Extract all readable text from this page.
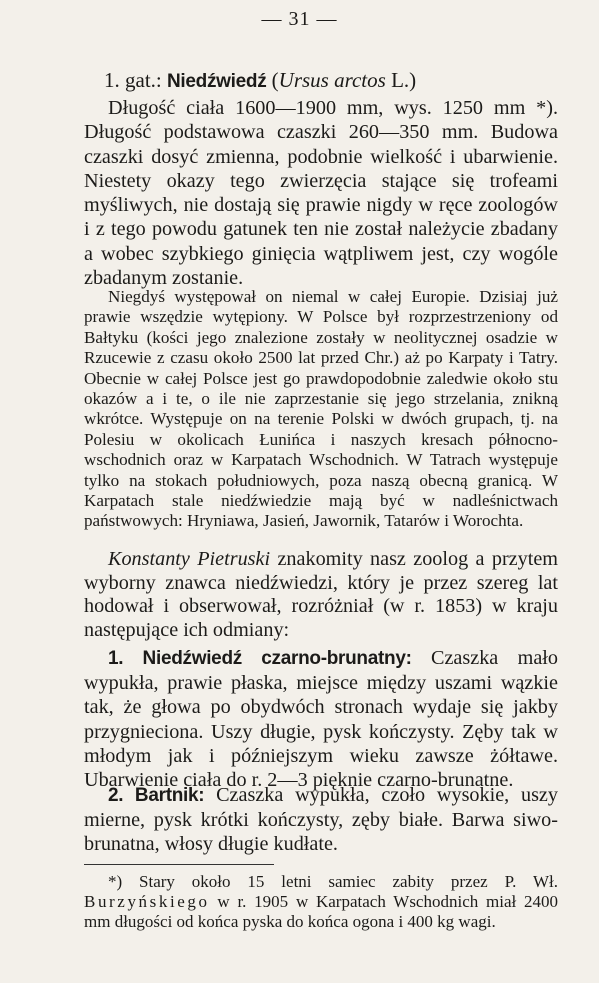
— 31 —
1. gat.: Niedźwiedź (Ursus arctos L.)
Długość ciała 1600—1900 mm, wys. 1250 mm *). Długość podstawowa czaszki 260—350 mm. Budowa czaszki dosyć zmienna, podobnie wielkość i ubarwienie. Niestety okazy tego zwierzęcia stające się trofeami myśliwych, nie dostają się prawie nigdy w ręce zoologów i z tego powodu gatunek ten nie został należycie zbadany a wobec szybkiego ginięcia wątpliwem jest, czy wogóle zbadanym zostanie.
Niegdyś występował on niemal w całej Europie. Dzisiaj już prawie wszędzie wytępiony. W Polsce był rozprzestrzeniony od Bałtyku (kości jego znalezione zostały w neolitycznej osadzie w Rzucewie z czasu około 2500 lat przed Chr.) aż po Karpaty i Tatry. Obecnie w całej Polsce jest go prawdopodobnie zaledwie około stu okazów a i te, o ile nie zaprzestanie się jego strzelania, znikną wkrótce. Występuje on na terenie Polski w dwóch grupach, tj. na Polesiu w okolicach Łunińca i naszych kresach północno-wschodnich oraz w Karpatach Wschodnich. W Tatrach występuje tylko na stokach południowych, poza naszą obecną granicą. W Karpatach stale niedźwiedzie mają być w nadleśnictwach państwowych: Hryniawa, Jasień, Jawornik, Tatarów i Worochta.
Konstanty Pietruski znakomity nasz zoolog a przytem wyborny znawca niedźwiedzi, który je przez szereg lat hodował i obserwował, rozróżniał (w r. 1853) w kraju następujące ich odmiany:
1. Niedźwiedź czarno-brunatny: Czaszka mało wypukła, prawie płaska, miejsce między uszami wązkie tak, że głowa po obydwóch stronach wydaje się jakby przygnieciona. Uszy długie, pysk kończysty. Zęby tak w młodym jak i późniejszym wieku zawsze żółtawe. Ubarwienie ciała do r. 2—3 pięknie czarno-brunatne.
2. Bartnik: Czaszka wypukła, czoło wysokie, uszy mierne, pysk krótki kończysty, zęby białe. Barwa siwo-brunatna, włosy długie kudłate.
*) Stary około 15 letni samiec zabity przez P. Wł. Burzyńskiego w r. 1905 w Karpatach Wschodnich miał 2400 mm długości od końca pyska do końca ogona i 400 kg wagi.
